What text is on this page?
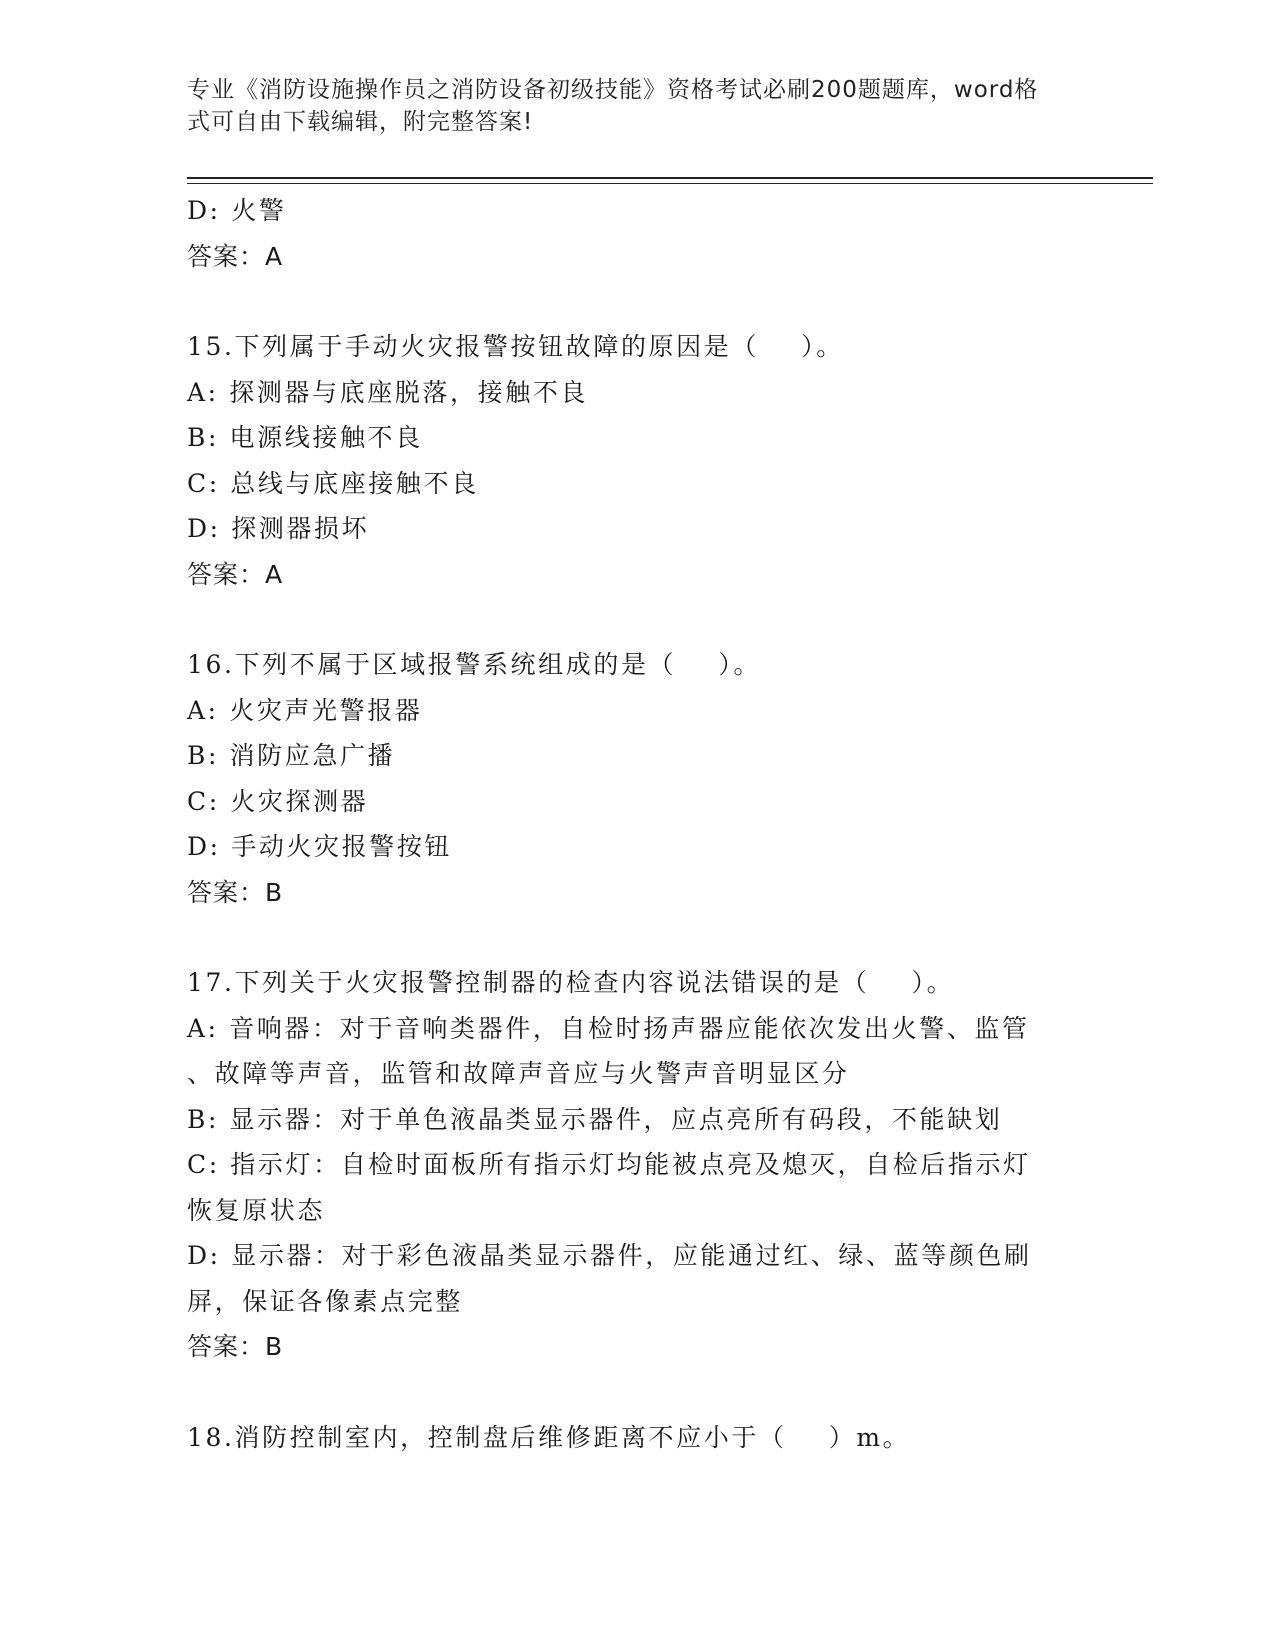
专业《消防设施操作员之消防设备初级技能》资格考试必刷200题题库，word格
式可自由下载编辑，附完整答案!
D: 火警
答案：A
15.下列属于手动火灾报警按钮故障的原因是（    ）。
A: 探测器与底座脱落，接触不良
B: 电源线接触不良
C: 总线与底座接触不良
D: 探测器损坏
答案：A
16.下列不属于区域报警系统组成的是（    ）。
A: 火灾声光警报器
B: 消防应急广播
C: 火灾探测器
D: 手动火灾报警按钮
答案：B
17.下列关于火灾报警控制器的检查内容说法错误的是（    ）。
A: 音响器：对于音响类器件，自检时扬声器应能依次发出火警、监管
、故障等声音，监管和故障声音应与火警声音明显区分
B: 显示器：对于单色液晶类显示器件，应点亮所有码段，不能缺划
C: 指示灯：自检时面板所有指示灯均能被点亮及熄灭，自检后指示灯
恢复原状态
D: 显示器：对于彩色液晶类显示器件，应能通过红、绿、蓝等颜色刷
屏，保证各像素点完整
答案：B
18.消防控制室内，控制盘后维修距离不应小于（    ）m。
